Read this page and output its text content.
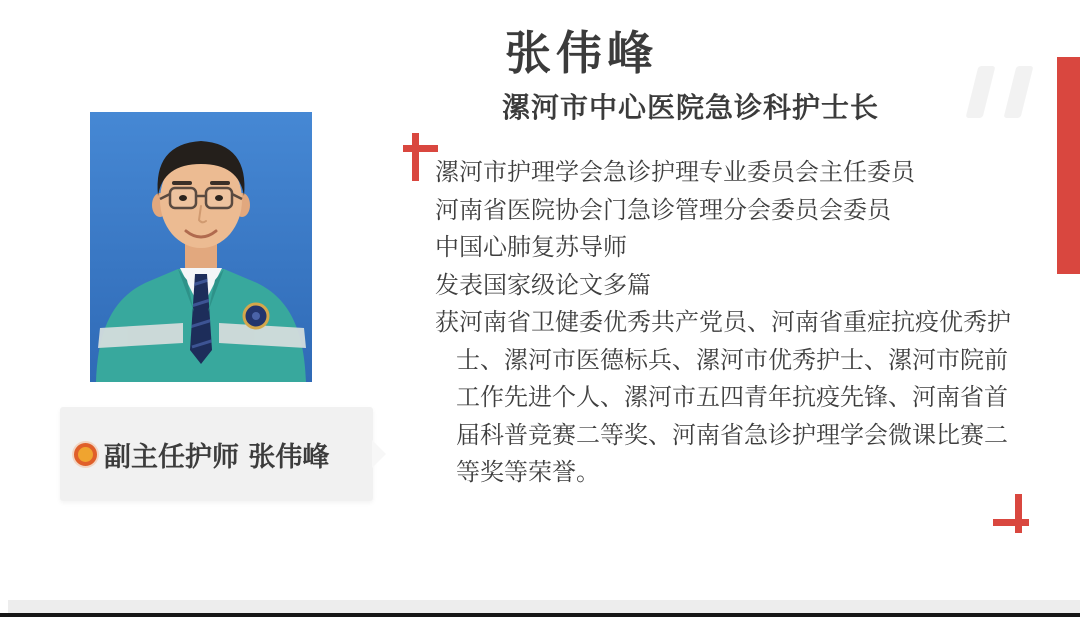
副主任护师 张伟峰
张伟峰
漯河市中心医院急诊科护士长
漯河市护理学会急诊护理专业委员会主任委员
河南省医院协会门急诊管理分会委员会委员
中国心肺复苏导师
发表国家级论文多篇
获河南省卫健委优秀共产党员、河南省重症抗疫优秀护
士、漯河市医德标兵、漯河市优秀护士、漯河市院前
工作先进个人、漯河市五四青年抗疫先锋、河南省首
届科普竞赛二等奖、河南省急诊护理学会微课比赛二
等奖等荣誉。
